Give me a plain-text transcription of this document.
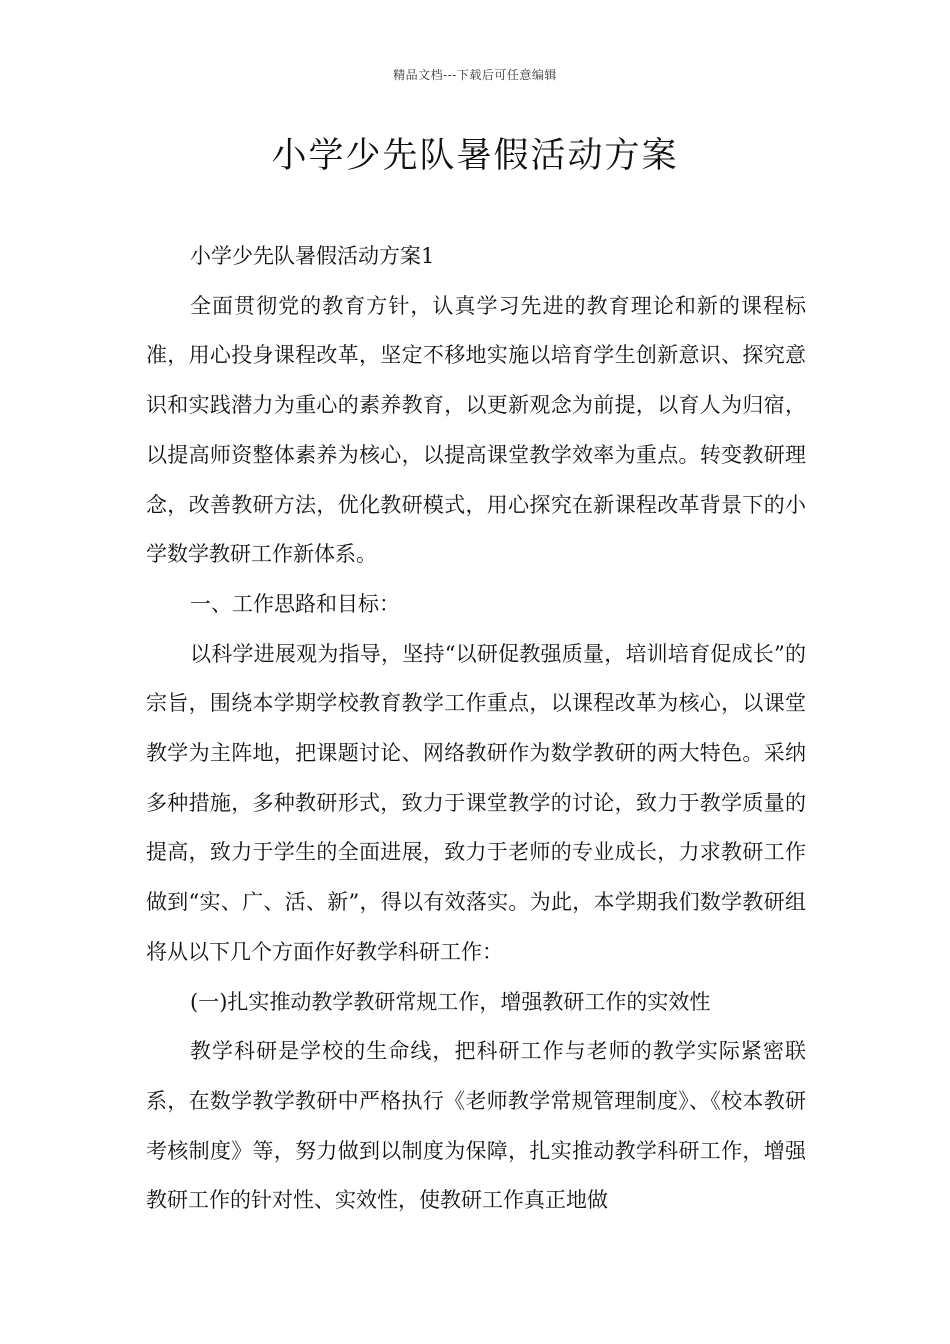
精品文档---下载后可任意编辑
小学少先队暑假活动方案

小学少先队暑假活动方案1

全面贯彻党的教育方针，认真学习先进的教育理论和新的课程标准，用心投身课程改革，坚定不移地实施以培育学生创新意识、探究意识和实践潜力为重心的素养教育，以更新观念为前提，以育人为归宿，以提高师资整体素养为核心，以提高课堂教学效率为重点。转变教研理念，改善教研方法，优化教研模式，用心探究在新课程改革背景下的小学数学教研工作新体系。

一、工作思路和目标：

以科学进展观为指导，坚持“以研促教强质量，培训培育促成长”的宗旨，围绕本学期学校教育教学工作重点，以课程改革为核心，以课堂教学为主阵地，把课题讨论、网络教研作为数学教研的两大特色。采纳多种措施，多种教研形式，致力于课堂教学的讨论，致力于教学质量的提高，致力于学生的全面进展，致力于老师的专业成长，力求教研工作做到“实、广、活、新”，得以有效落实。为此，本学期我们数学教研组将从以下几个方面作好教学科研工作：

(一)扎实推动教学教研常规工作，增强教研工作的实效性

教学科研是学校的生命线，把科研工作与老师的教学实际紧密联系，在数学教学教研中严格执行《老师教学常规管理制度》、《校本教研考核制度》等，努力做到以制度为保障，扎实推动教学科研工作，增强教研工作的针对性、实效性，使教研工作真正地做
